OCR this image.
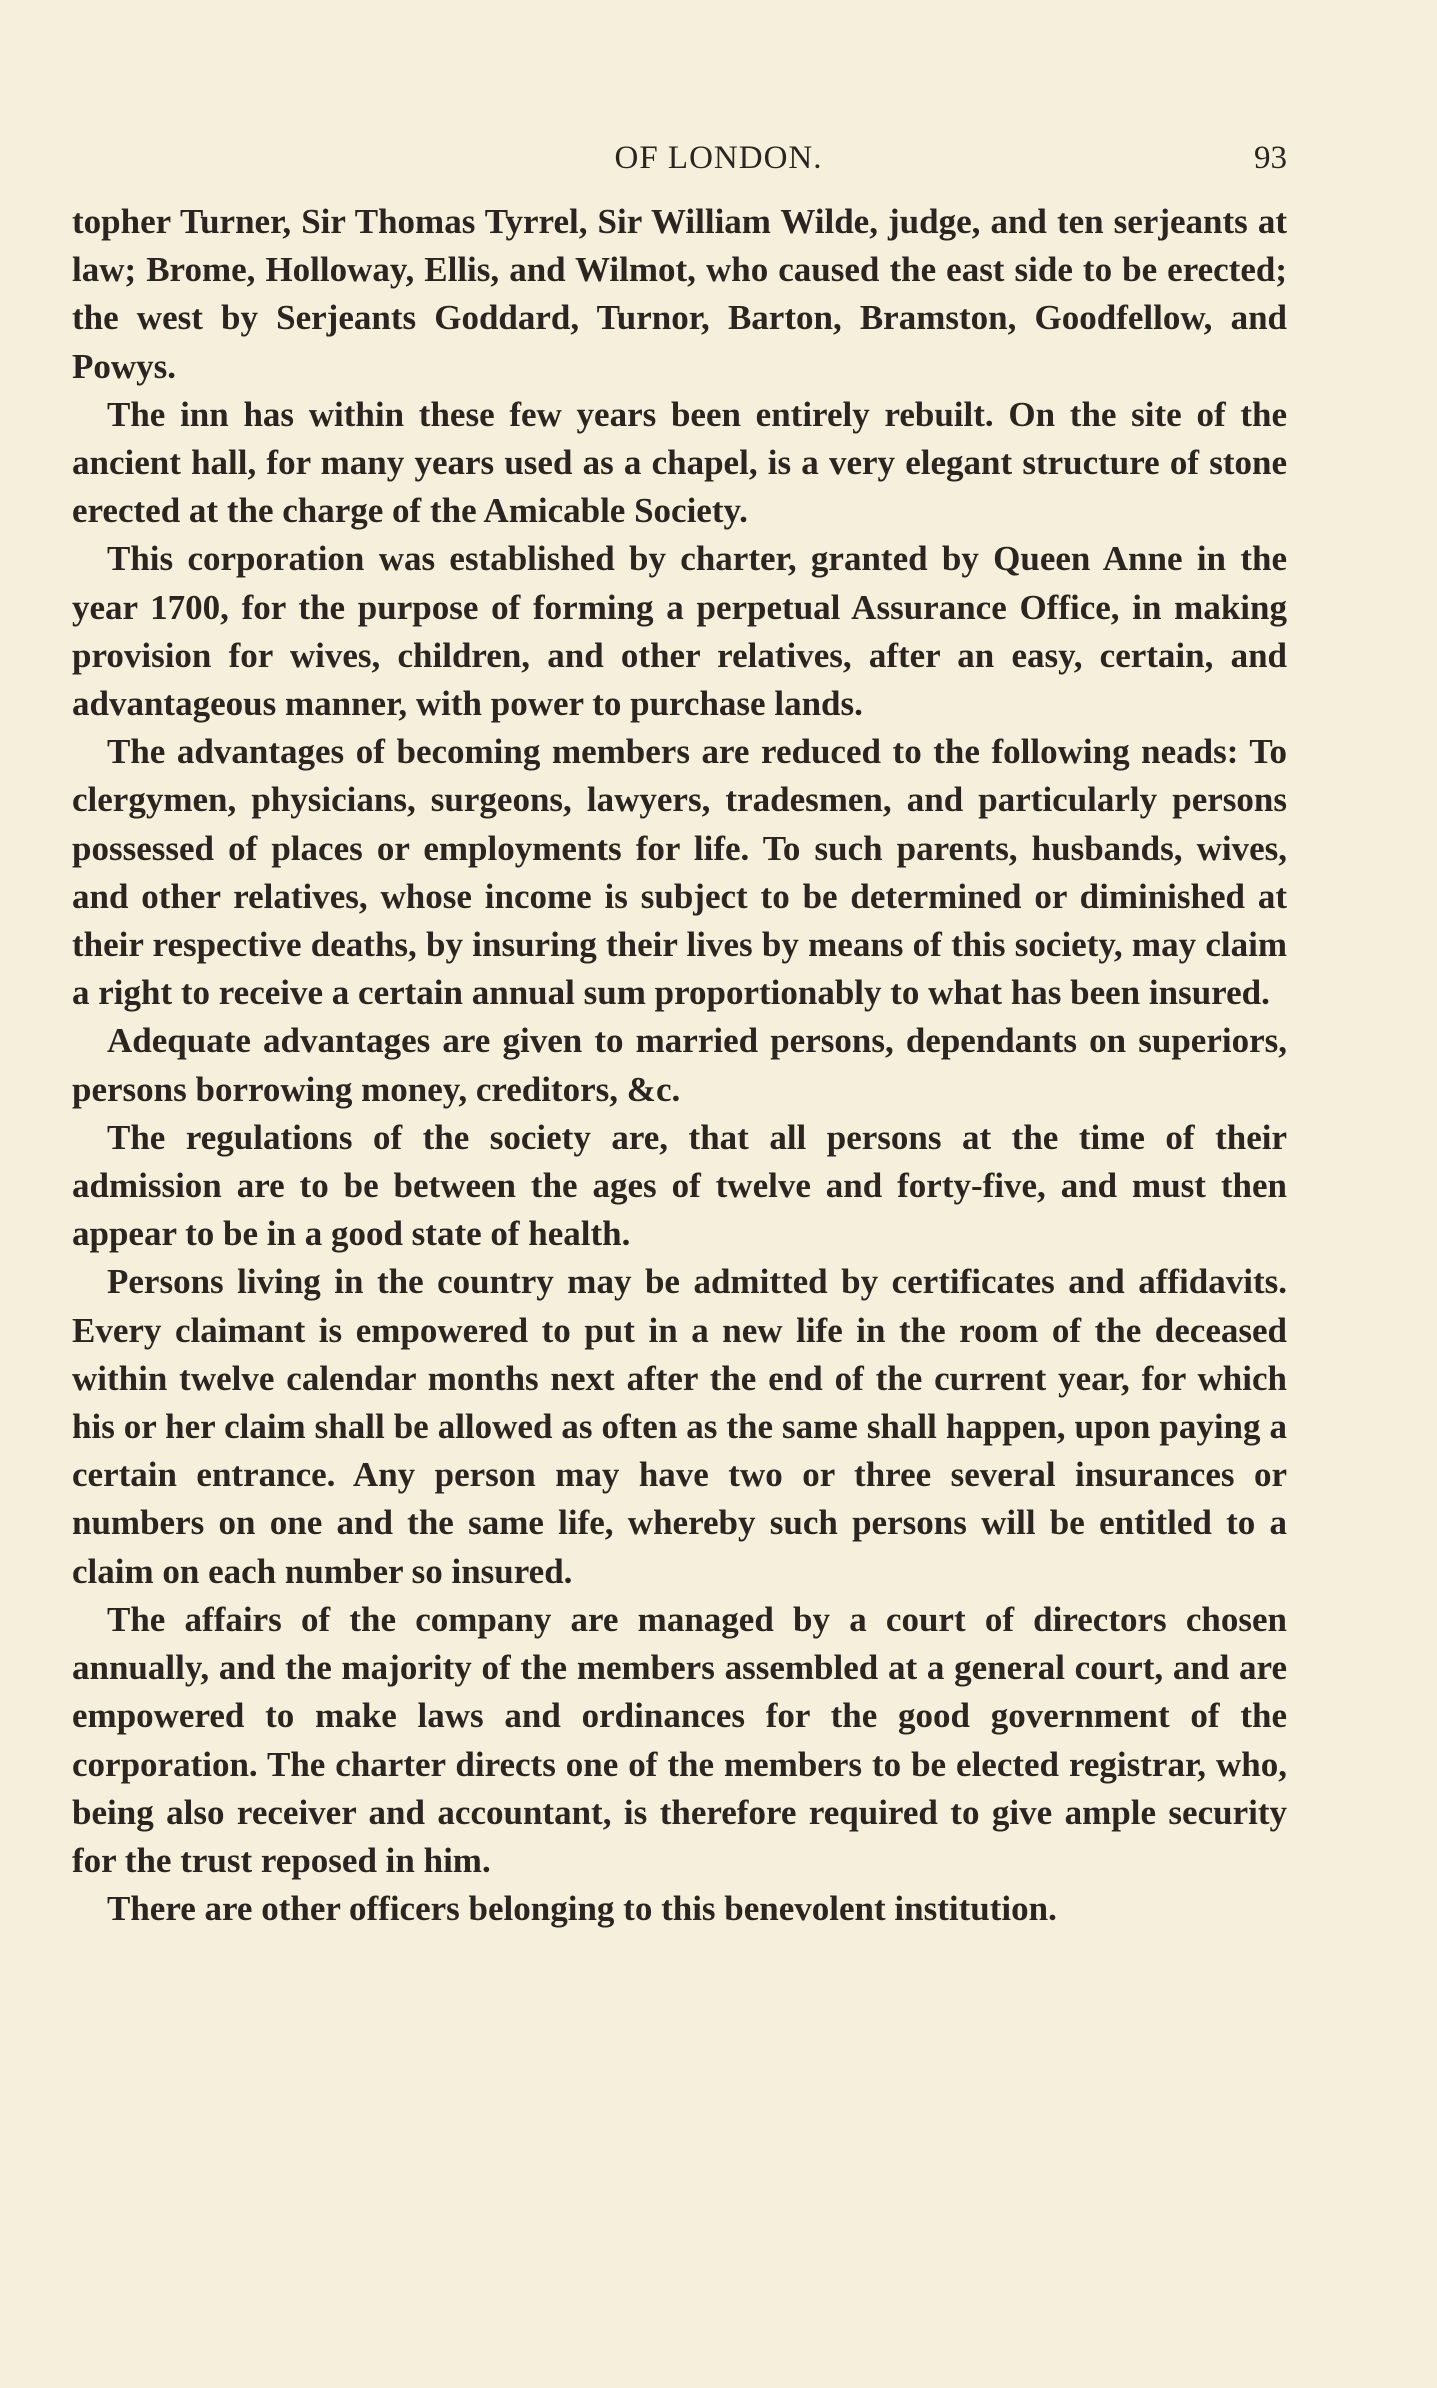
OF LONDON.	93

topher Turner, Sir Thomas Tyrrel, Sir William Wilde, judge, and ten serjeants at law; Brome, Holloway, Ellis, and Wilmot, who caused the east side to be erected; the west by Serjeants Goddard, Turnor, Barton, Bramston, Goodfellow, and Powys.

The inn has within these few years been entirely rebuilt. On the site of the ancient hall, for many years used as a chapel, is a very elegant structure of stone erected at the charge of the Amicable Society.

This corporation was established by charter, granted by Queen Anne in the year 1700, for the purpose of forming a perpetual Assurance Office, in making provision for wives, children, and other relatives, after an easy, certain, and advantageous manner, with power to purchase lands.

The advantages of becoming members are reduced to the following neads: To clergymen, physicians, surgeons, lawyers, tradesmen, and particularly persons possessed of places or employments for life. To such parents, husbands, wives, and other relatives, whose income is subject to be determined or diminished at their respective deaths, by insuring their lives by means of this society, may claim a right to receive a certain annual sum proportionably to what has been insured.

Adequate advantages are given to married persons, dependants on superiors, persons borrowing money, creditors, &c.

The regulations of the society are, that all persons at the time of their admission are to be between the ages of twelve and forty-five, and must then appear to be in a good state of health.

Persons living in the country may be admitted by certificates and affidavits. Every claimant is empowered to put in a new life in the room of the deceased within twelve calendar months next after the end of the current year, for which his or her claim shall be allowed as often as the same shall happen, upon paying a certain entrance. Any person may have two or three several insurances or numbers on one and the same life, whereby such persons will be entitled to a claim on each number so insured.

The affairs of the company are managed by a court of directors chosen annually, and the majority of the members assembled at a general court, and are empowered to make laws and ordinances for the good government of the corporation. The charter directs one of the members to be elected registrar, who, being also receiver and accountant, is therefore required to give ample security for the trust reposed in him.

There are other officers belonging to this benevolent institution.
